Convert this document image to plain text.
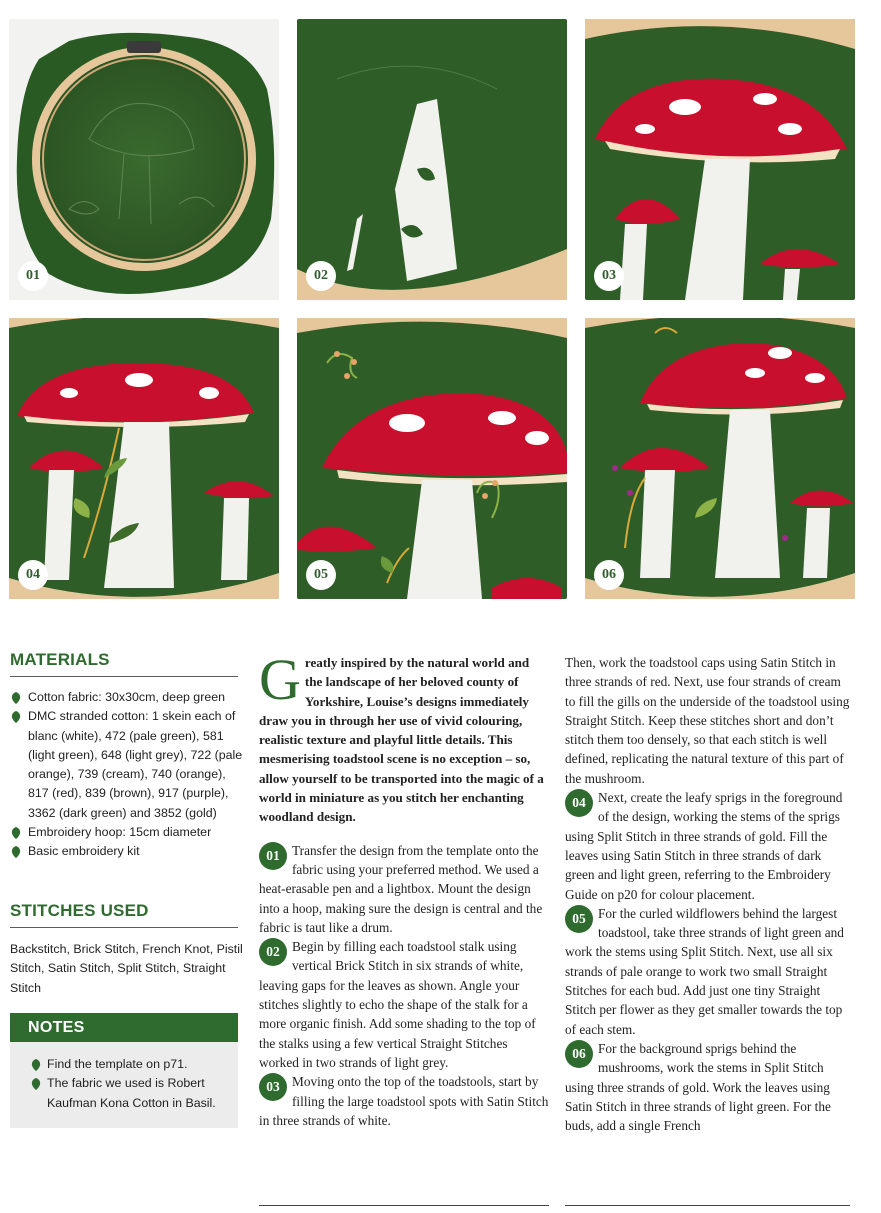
01	02	03
04	05	06
MATERIALS
Cotton fabric: 30x30cm, deep green
DMC stranded cotton: 1 skein each of blanc (white), 472 (pale green), 581 (light green), 648 (light grey), 722 (pale orange), 739 (cream), 740 (orange), 817 (red), 839 (brown), 917 (purple), 3362 (dark green) and 3852 (gold)
Embroidery hoop: 15cm diameter
Basic embroidery kit
STITCHES USED
Backstitch, Brick Stitch, French Knot, Pistil Stitch, Satin Stitch, Split Stitch, Straight Stitch
NOTES
Find the template on p71.
The fabric we used is Robert Kaufman Kona Cotton in Basil.
Greatly inspired by the natural world and the landscape of her beloved county of Yorkshire, Louise’s designs immediately draw you in through her use of vivid colouring, realistic texture and playful little details. This mesmerising toadstool scene is no exception – so, allow yourself to be transported into the magic of a world in miniature as you stitch her enchanting woodland design.
01 Transfer the design from the template onto the fabric using your preferred method. We used a heat-erasable pen and a lightbox. Mount the design into a hoop, making sure the design is central and the fabric is taut like a drum.
02 Begin by filling each toadstool stalk using vertical Brick Stitch in six strands of white, leaving gaps for the leaves as shown. Angle your stitches slightly to echo the shape of the stalk for a more organic finish. Add some shading to the top of the stalks using a few vertical Straight Stitches worked in two strands of light grey.
03 Moving onto the top of the toadstools, start by filling the large toadstool spots with Satin Stitch in three strands of white.
Then, work the toadstool caps using Satin Stitch in three strands of red. Next, use four strands of cream to fill the gills on the underside of the toadstool using Straight Stitch. Keep these stitches short and don’t stitch them too densely, so that each stitch is well defined, replicating the natural texture of this part of the mushroom.
04 Next, create the leafy sprigs in the foreground of the design, working the stems of the sprigs using Split Stitch in three strands of gold. Fill the leaves using Satin Stitch in three strands of dark green and light green, referring to the Embroidery Guide on p20 for colour placement.
05 For the curled wildflowers behind the largest toadstool, take three strands of light green and work the stems using Split Stitch. Next, use all six strands of pale orange to work two small Straight Stitches for each bud. Add just one tiny Straight Stitch per flower as they get smaller towards the top of each stem.
06 For the background sprigs behind the mushrooms, work the stems in Split Stitch using three strands of gold. Work the leaves using Satin Stitch in three strands of light green. For the buds, add a single French
